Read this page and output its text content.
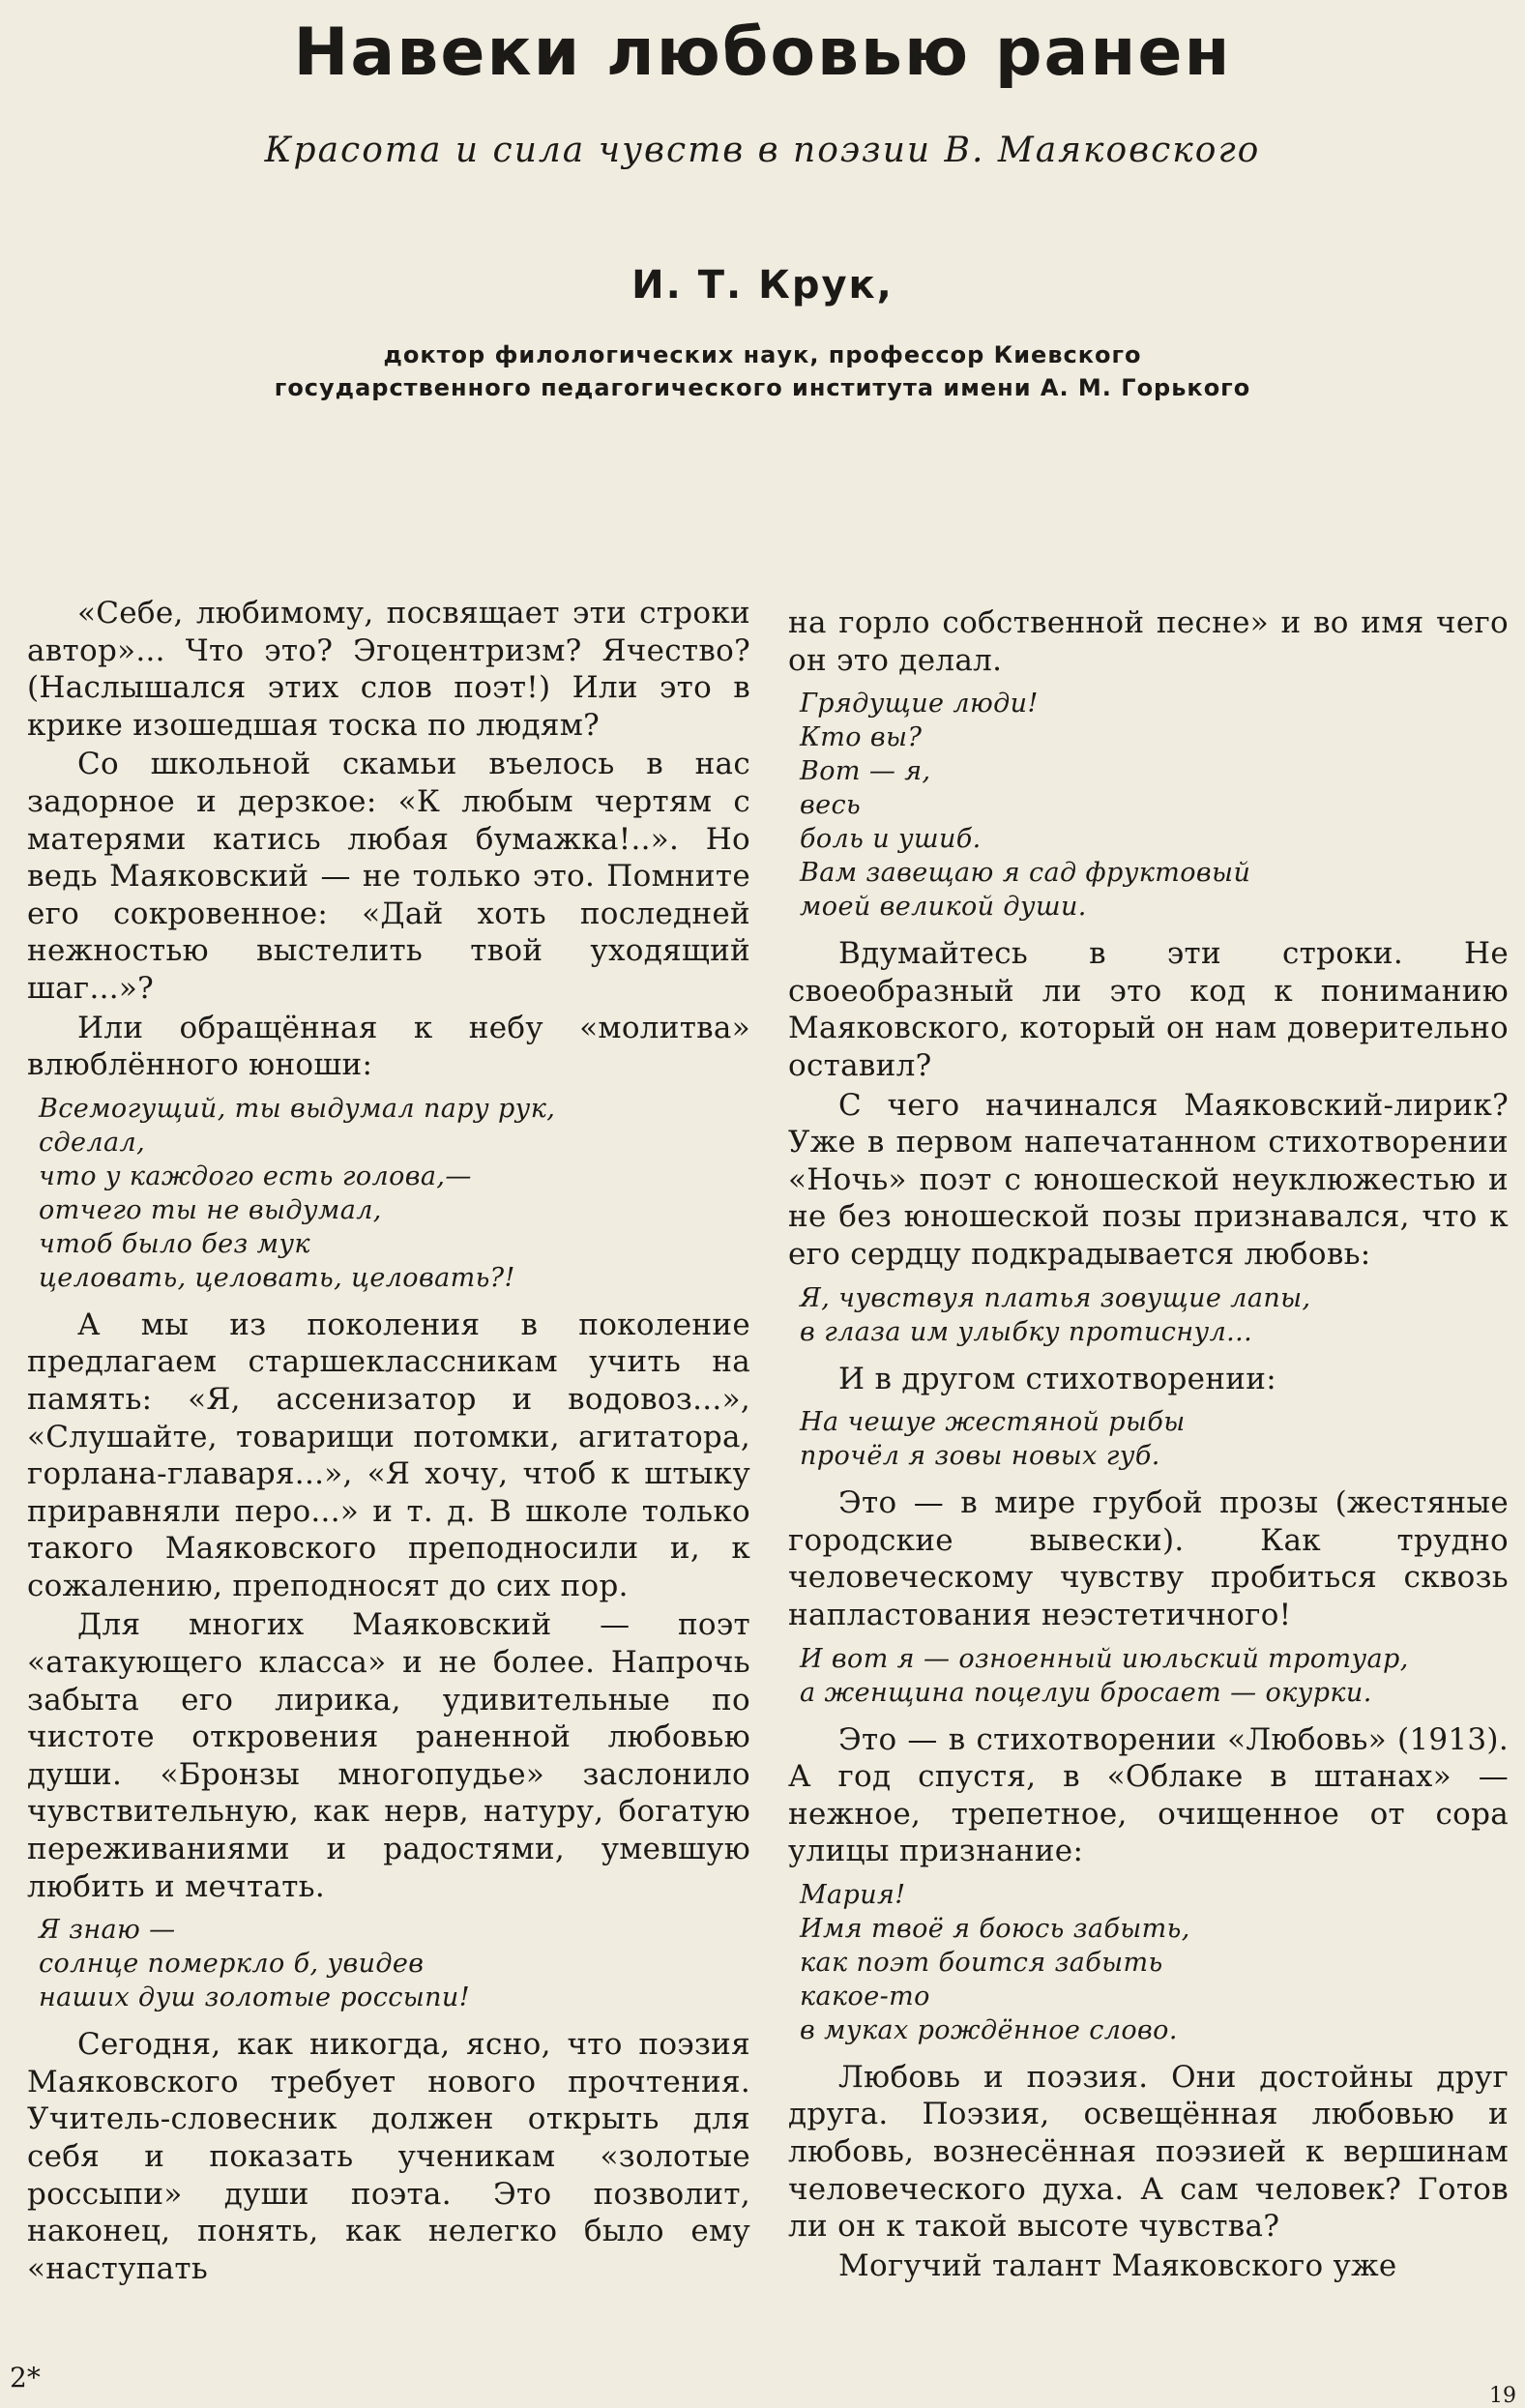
Навеки любовью ранен
Красота и сила чувств в поэзии В. Маяковского
И. Т. Крук,
доктор филологических наук, профессор Киевского
государственного педагогического института имени А. М. Горького

«Себе, любимому, посвящает эти строки автор»... Что это? Эгоцентризм? Ячество? (Наслышался этих слов поэт!) Или это в крике изошедшая тоска по людям?

Со школьной скамьи въелось в нас задорное и дерзкое: «К любым чертям с матерями катись любая бумажка!..». Но ведь Маяковский — не только это. Помните его сокровенное: «Дай хоть последней нежностью выстелить твой уходящий шаг...»?

Или обращённая к небу «молитва» влюблённого юноши:

Всемогущий, ты выдумал пару рук,
сделал,
что у каждого есть голова,—
отчего ты не выдумал,
чтоб было без мук
целовать, целовать, целовать?!

А мы из поколения в поколение предлагаем старшеклассникам учить на память: «Я, ассенизатор и водовоз...», «Слушайте, товарищи потомки, агитатора, горлана-главаря...», «Я хочу, чтоб к штыку приравняли перо...» и т. д. В школе только такого Маяковского преподносили и, к сожалению, преподносят до сих пор.

Для многих Маяковский — поэт «атакующего класса» и не более. Напрочь забыта его лирика, удивительные по чистоте откровения раненной любовью души. «Бронзы многопудье» заслонило чувствительную, как нерв, натуру, богатую переживаниями и радостями, умевшую любить и мечтать.

Я знаю —
солнце померкло б, увидев
наших душ золотые россыпи!

Сегодня, как никогда, ясно, что поэзия Маяковского требует нового прочтения. Учитель-словесник должен открыть для себя и показать ученикам «золотые россыпи» души поэта. Это позволит, наконец, понять, как нелегко было ему «наступать

на горло собственной песне» и во имя чего он это делал.

Грядущие люди!
Кто вы?
Вот — я,
весь
боль и ушиб.
Вам завещаю я сад фруктовый
моей великой души.

Вдумайтесь в эти строки. Не своеобразный ли это код к пониманию Маяковского, который он нам доверительно оставил?

С чего начинался Маяковский-лирик? Уже в первом напечатанном стихотворении «Ночь» поэт с юношеской неуклюжестью и не без юношеской позы признавался, что к его сердцу подкрадывается любовь:

Я, чувствуя платья зовущие лапы,
в глаза им улыбку протиснул...

И в другом стихотворении:

На чешуе жестяной рыбы
прочёл я зовы новых губ.

Это — в мире грубой прозы (жестяные городские вывески). Как трудно человеческому чувству пробиться сквозь напластования неэстетичного!

И вот я — озноенный июльский тротуар,
а женщина поцелуи бросает — окурки.

Это — в стихотворении «Любовь» (1913). А год спустя, в «Облаке в штанах» — нежное, трепетное, очищенное от сора улицы признание:

Мария!
Имя твоё я боюсь забыть,
как поэт боится забыть
какое-то
в муках рождённое слово.

Любовь и поэзия. Они достойны друг друга. Поэзия, освещённая любовью и любовь, вознесённая поэзией к вершинам человеческого духа. А сам человек? Готов ли он к такой высоте чувства?

Могучий талант Маяковского уже

2*
19
